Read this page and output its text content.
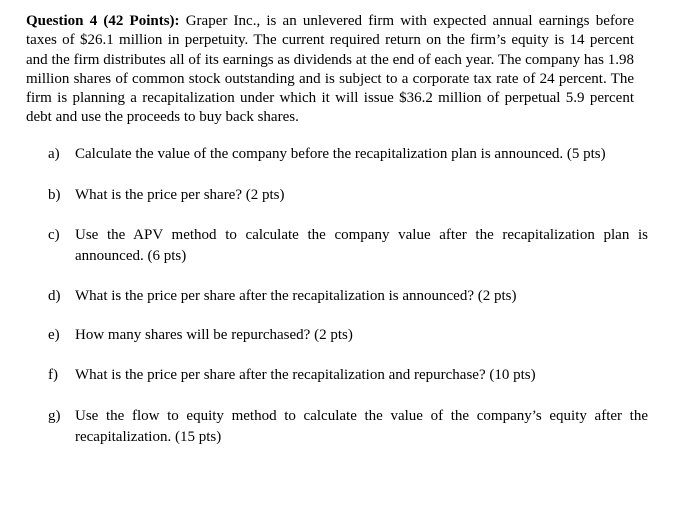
Question 4 (42 Points): Graper Inc., is an unlevered firm with expected annual earnings before taxes of $26.1 million in perpetuity. The current required return on the firm’s equity is 14 percent and the firm distributes all of its earnings as dividends at the end of each year. The company has 1.98 million shares of common stock outstanding and is subject to a corporate tax rate of 24 percent. The firm is planning a recapitalization under which it will issue $36.2 million of perpetual 5.9 percent debt and use the proceeds to buy back shares.

a)	Calculate the value of the company before the recapitalization plan is announced. (5 pts)
b) What is the price per share? (2 pts)
c)	Use the APV method to calculate the company value after the recapitalization plan is announced. (6 pts)
d) What is the price per share after the recapitalization is announced? (2 pts)
e)	How many shares will be repurchased? (2 pts)
f)	What is the price per share after the recapitalization and repurchase? (10 pts)
g) Use the flow to equity method to calculate the value of the company’s equity after the recapitalization. (15 pts)
